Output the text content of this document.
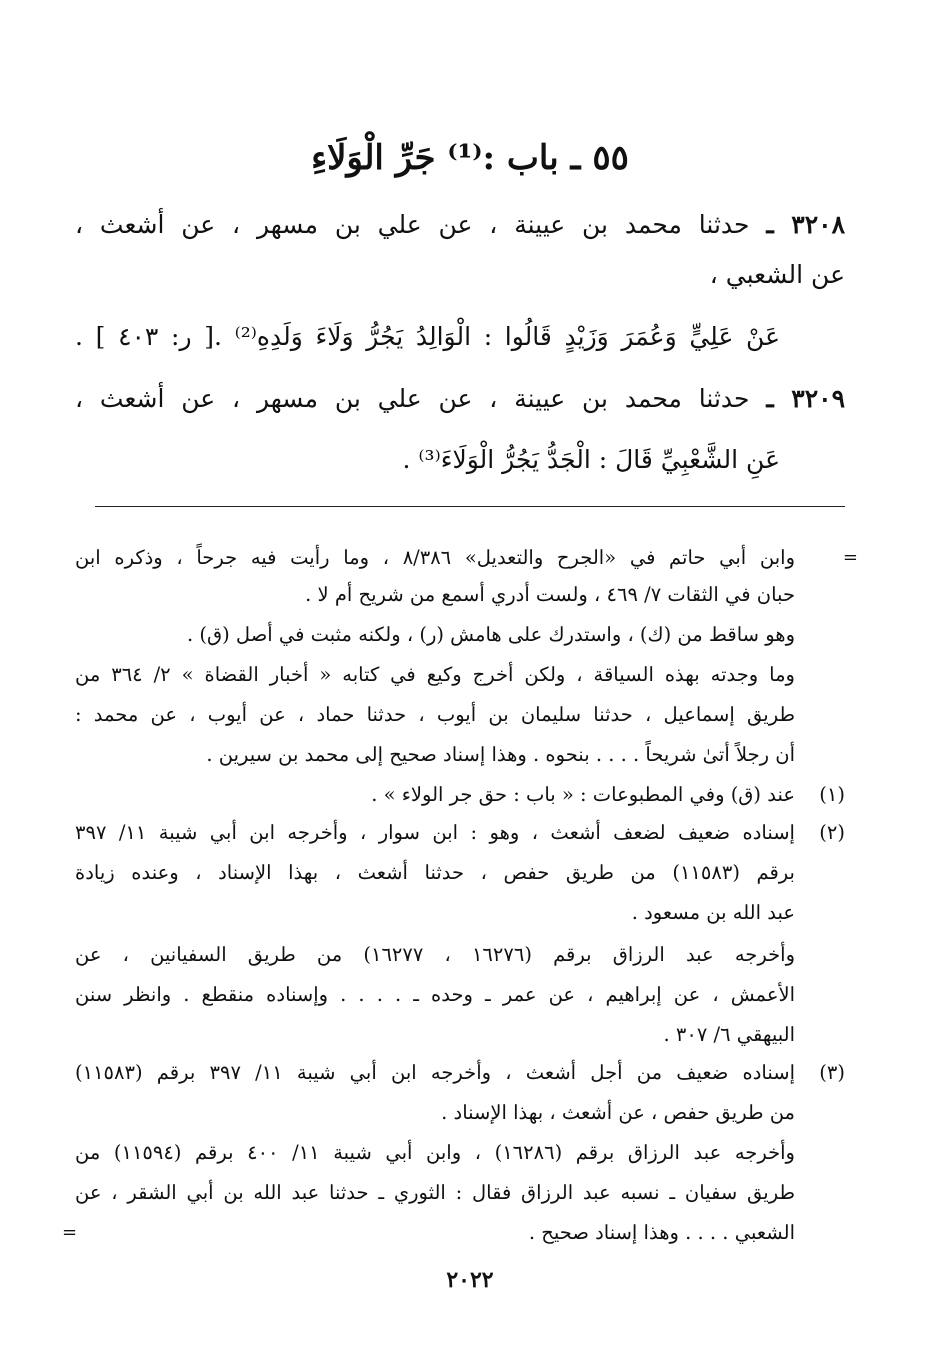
٥٥ ـ باب :⁽¹⁾ جَرِّ الْوَلَاءِ
٣٢٠٨ ـ حدثنا محمد بن عيينة ، عن علي بن مسهر ، عن أشعث ،
عن الشعبي ،
عَنْ عَلِيٍّ وَعُمَرَ وَزَيْدٍ قَالُوا : الْوَالِدُ يَجُرُّ وَلَاءَ وَلَدِهِ⁽²⁾ .[ ر: ٤٠٣ ] .
٣٢٠٩ ـ حدثنا محمد بن عيينة ، عن علي بن مسهر ، عن أشعث ،
عَنِ الشَّعْبِيِّ قَالَ : الْجَدُّ يَجُرُّ الْوَلَاءَ⁽³⁾ .
=
وابن أبي حاتم في «الجرح والتعديل» ٨/٣٨٦ ، وما رأيت فيه جرحاً ، وذكره ابن
حبان في الثقات ٧/ ٤٦٩ ، ولست أدري أسمع من شريح أم لا .
وهو ساقط من (ك) ، واستدرك على هامش (ر) ، ولكنه مثبت في أصل (ق) .
وما وجدته بهذه السياقة ، ولكن أخرج وكيع في كتابه « أخبار القضاة » ٢/ ٣٦٤ من
طريق إسماعيل ، حدثنا سليمان بن أيوب ، حدثنا حماد ، عن أيوب ، عن محمد :
أن رجلاً أتىٰ شريحاً . . . . بنحوه . وهذا إسناد صحيح إلى محمد بن سيرين .
(١)
عند (ق) وفي المطبوعات : « باب : حق جر الولاء » .
(٢)
إسناده ضعيف لضعف أشعث ، وهو : ابن سوار ، وأخرجه ابن أبي شيبة ١١/ ٣٩٧
برقم (١١٥٨٣) من طريق حفص ، حدثنا أشعث ، بهذا الإسناد ، وعنده زيادة
عبد الله بن مسعود .
وأخرجه عبد الرزاق برقم (١٦٢٧٦ ، ١٦٢٧٧) من طريق السفيانين ، عن
الأعمش ، عن إبراهيم ، عن عمر ـ وحده ـ . . . . وإسناده منقطع . وانظر سنن
البيهقي ٦/ ٣٠٧ .
(٣)
إسناده ضعيف من أجل أشعث ، وأخرجه ابن أبي شيبة ١١/ ٣٩٧ برقم (١١٥٨٣)
من طريق حفص ، عن أشعث ، بهذا الإسناد .
وأخرجه عبد الرزاق برقم (١٦٢٨٦) ، وابن أبي شيبة ١١/ ٤٠٠ برقم (١١٥٩٤) من
طريق سفيان ـ نسبه عبد الرزاق فقال : الثوري ـ حدثنا عبد الله بن أبي الشقر ، عن
الشعبي . . . . وهذا إسناد صحيح .
=
٢٠٢٢
